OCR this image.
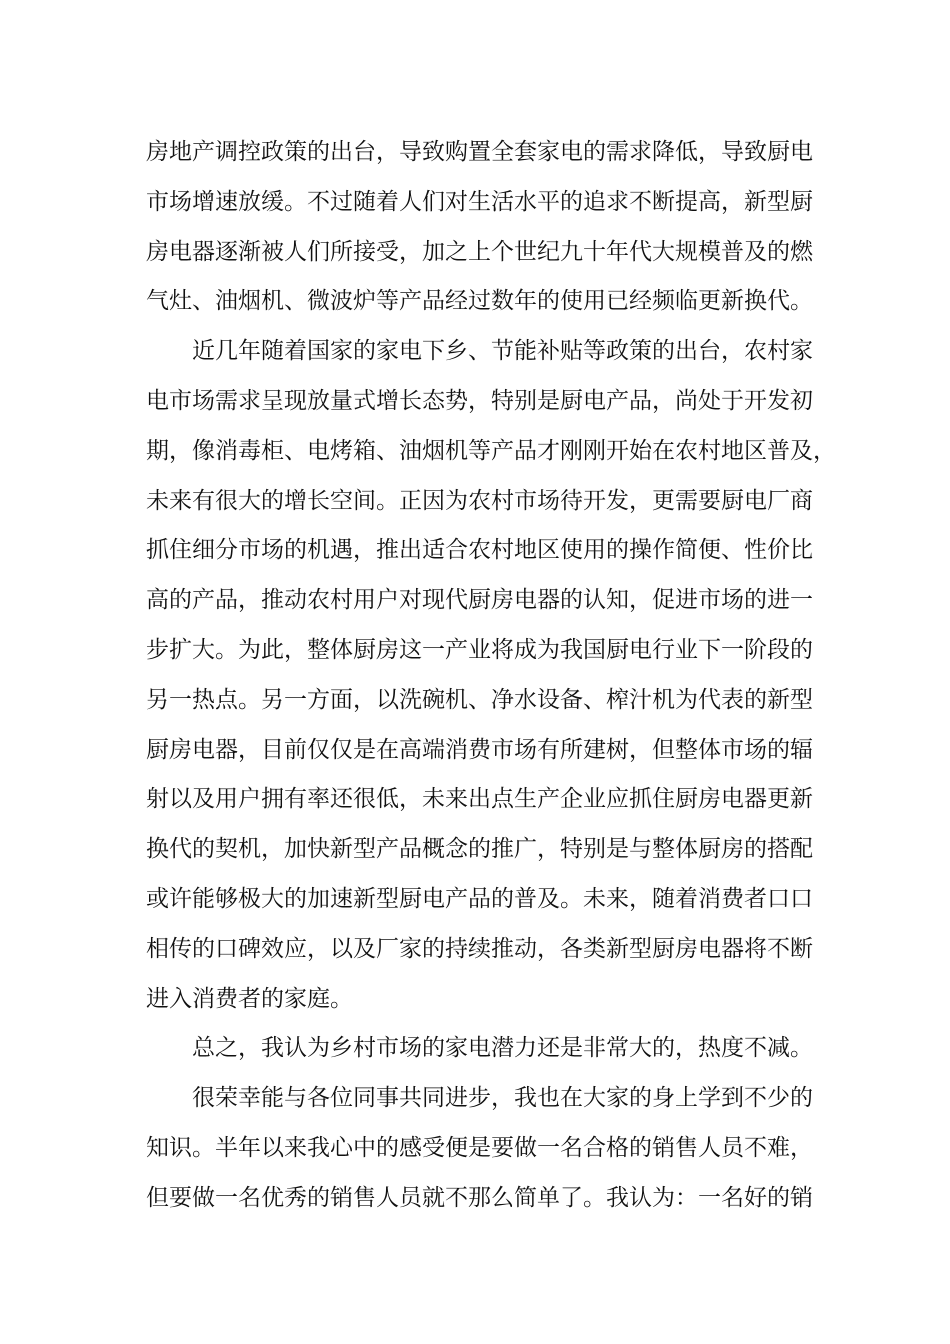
房地产调控政策的出台，导致购置全套家电的需求降低，导致厨电
市场增速放缓。不过随着人们对生活水平的追求不断提高，新型厨
房电器逐渐被人们所接受，加之上个世纪九十年代大规模普及的燃
气灶、油烟机、微波炉等产品经过数年的使用已经频临更新换代。
近几年随着国家的家电下乡、节能补贴等政策的出台，农村家
电市场需求呈现放量式增长态势，特别是厨电产品，尚处于开发初
期，像消毒柜、电烤箱、油烟机等产品才刚刚开始在农村地区普及，
未来有很大的增长空间。正因为农村市场待开发，更需要厨电厂商
抓住细分市场的机遇，推出适合农村地区使用的操作简便、性价比
高的产品，推动农村用户对现代厨房电器的认知，促进市场的进一
步扩大。为此，整体厨房这一产业将成为我国厨电行业下一阶段的
另一热点。另一方面，以洗碗机、净水设备、榨汁机为代表的新型
厨房电器，目前仅仅是在高端消费市场有所建树，但整体市场的辐
射以及用户拥有率还很低，未来出点生产企业应抓住厨房电器更新
换代的契机，加快新型产品概念的推广，特别是与整体厨房的搭配
或许能够极大的加速新型厨电产品的普及。未来，随着消费者口口
相传的口碑效应，以及厂家的持续推动，各类新型厨房电器将不断
进入消费者的家庭。
总之，我认为乡村市场的家电潜力还是非常大的，热度不减。
很荣幸能与各位同事共同进步，我也在大家的身上学到不少的
知识。半年以来我心中的感受便是要做一名合格的销售人员不难，
但要做一名优秀的销售人员就不那么简单了。我认为：一名好的销
